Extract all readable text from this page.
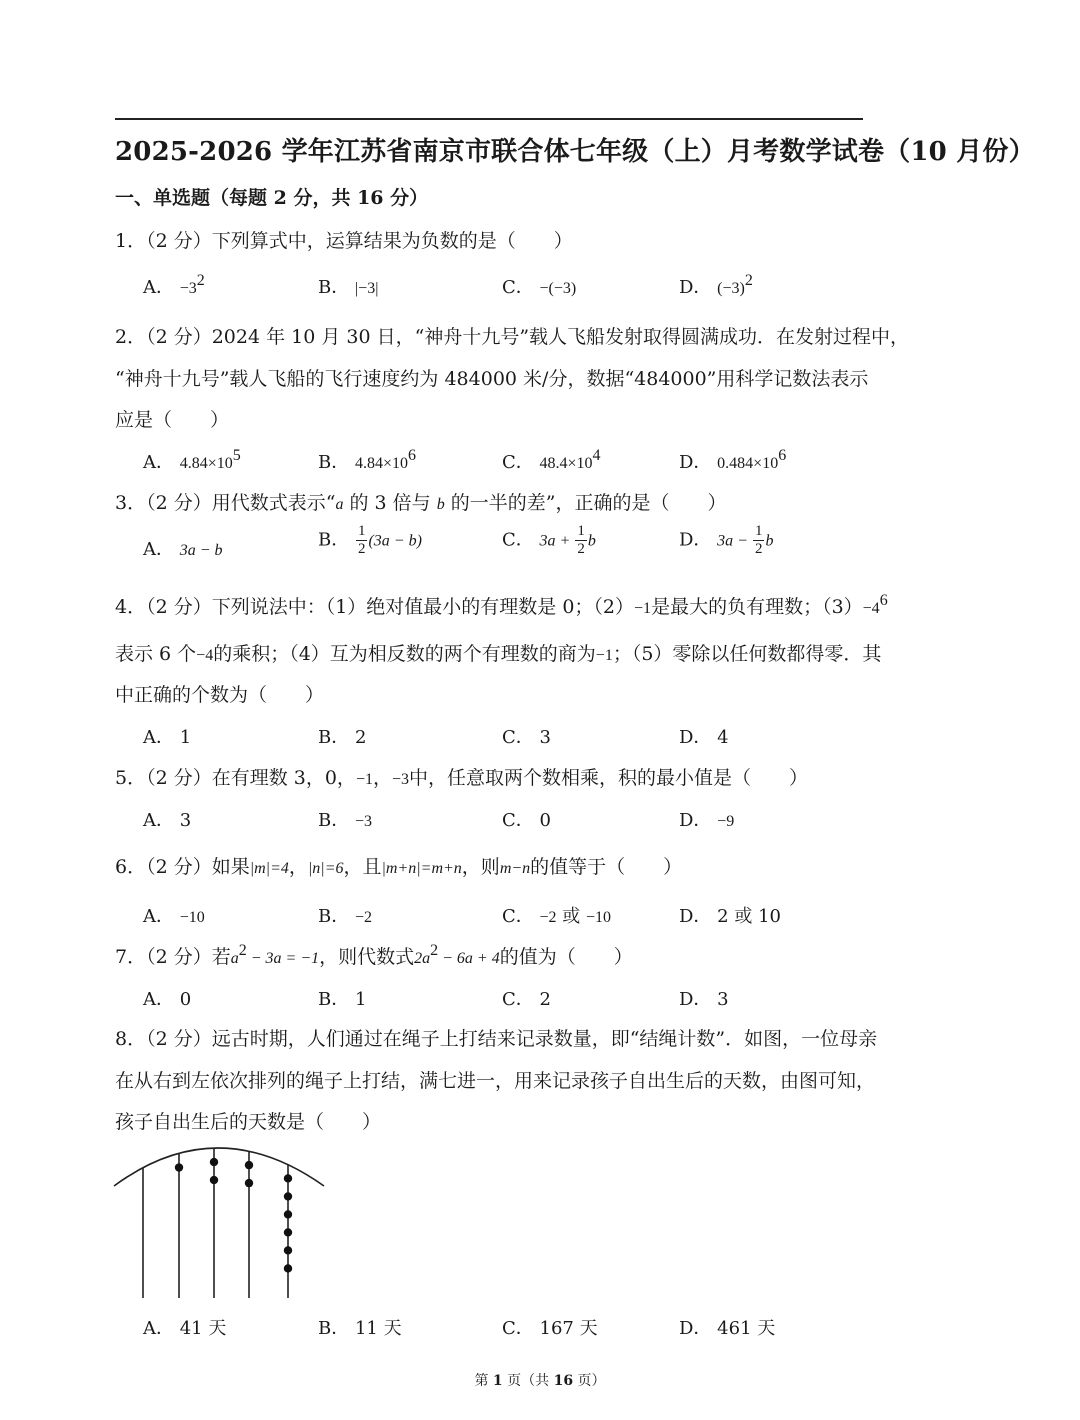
2025-2026 学年江苏省南京市联合体七年级（上）月考数学试卷（10 月份）
一、单选题（每题 2 分，共 16 分）
1．（2 分）下列算式中，运算结果为负数的是（　　）
A． $-3^2$	B． |−3|	C． −(−3)	D． $(-3)^2$
2．（2 分）2024 年 10 月 30 日，“神舟十九号”载人飞船发射取得圆满成功．在发射过程中，
“神舟十九号”载人飞船的飞行速度约为 484000 米/分，数据“484000”用科学记数法表示
应是（　　）
A． $4.84\times 10^5$	B． $4.84\times 10^6$	C． $48.4\times 10^4$	D． $0.484\times 10^6$
3．（2 分）用代数式表示“a 的 3 倍与 b 的一半的差”，正确的是（　　）
A． 3a − b	B． $\frac{1}{2} (3a - b)$	C． $3a + \frac{1}{2}$ b	D． $3a - \frac{1}{2}$ b
4．（2 分）下列说法中：（1）绝对值最小的有理数是 0；（2）−1是最大的负有理数；$(3)-4^6$
表示 6 个−4的乘积；（4）互为相反数的两个有理数的商为−1；（5）零除以任何数都得零．其
中正确的个数为（　　）
A． 1	B． 2	C． 3	D． 4
5．（2 分）在有理数 3，0，−1，−3中，任意取两个数相乘，积的最小值是（　　）
A． 3	B． −3	C． 0	D． −9
6．（2 分）如果|m|=4，|n|=6，且|m+n|=m+n，则m−n的值等于（　　）
A． −10	B． −2	C． −2 或 −10	D． 2 或 10
7．（2 分）若$a^2 - 3a = -1$，则代数式$2a^2 - 6a + 4$的值为（　　）
A． 0	B． 1	C． 2	D． 3
8．（2 分）远古时期，人们通过在绳子上打结来记录数量，即“结绳计数”．如图，一位母亲
在从右到左依次排列的绳子上打结，满七进一，用来记录孩子自出生后的天数，由图可知，
孩子自出生后的天数是（　　）
A． 41 天	B． 11 天	C． 167 天	D． 461 天
第 1 页（共 16 页）
